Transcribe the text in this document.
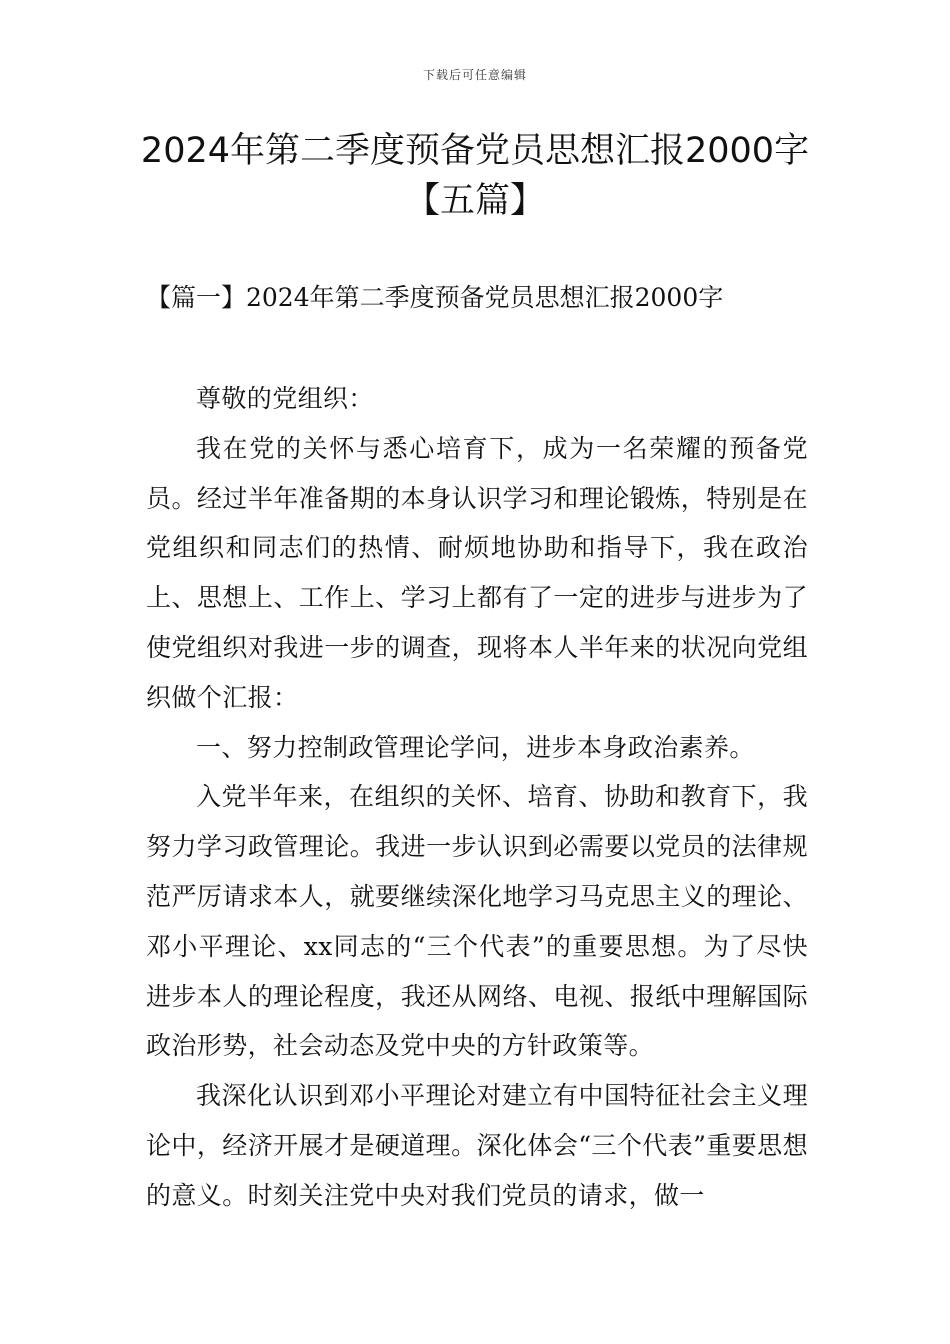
下载后可任意编辑
2024年第二季度预备党员思想汇报2000字
【五篇】
【篇一】2024年第二季度预备党员思想汇报2000字

尊敬的党组织：

我在党的关怀与悉心培育下，成为一名荣耀的预备党员。经过半年准备期的本身认识学习和理论锻炼，特别是在党组织和同志们的热情、耐烦地协助和指导下，我在政治上、思想上、工作上、学习上都有了一定的进步与进步为了使党组织对我进一步的调查，现将本人半年来的状况向党组织做个汇报：

一、努力控制政管理论学问，进步本身政治素养。

入党半年来，在组织的关怀、培育、协助和教育下，我努力学习政管理论。我进一步认识到必需要以党员的法律规范严厉请求本人，就要继续深化地学习马克思主义的理论、邓小平理论、xx同志的“三个代表”的重要思想。为了尽快进步本人的理论程度，我还从网络、电视、报纸中理解国际政治形势，社会动态及党中央的方针政策等。

我深化认识到邓小平理论对建立有中国特征社会主义理论中，经济开展才是硬道理。深化体会“三个代表”重要思想的意义。时刻关注党中央对我们党员的请求，做一
